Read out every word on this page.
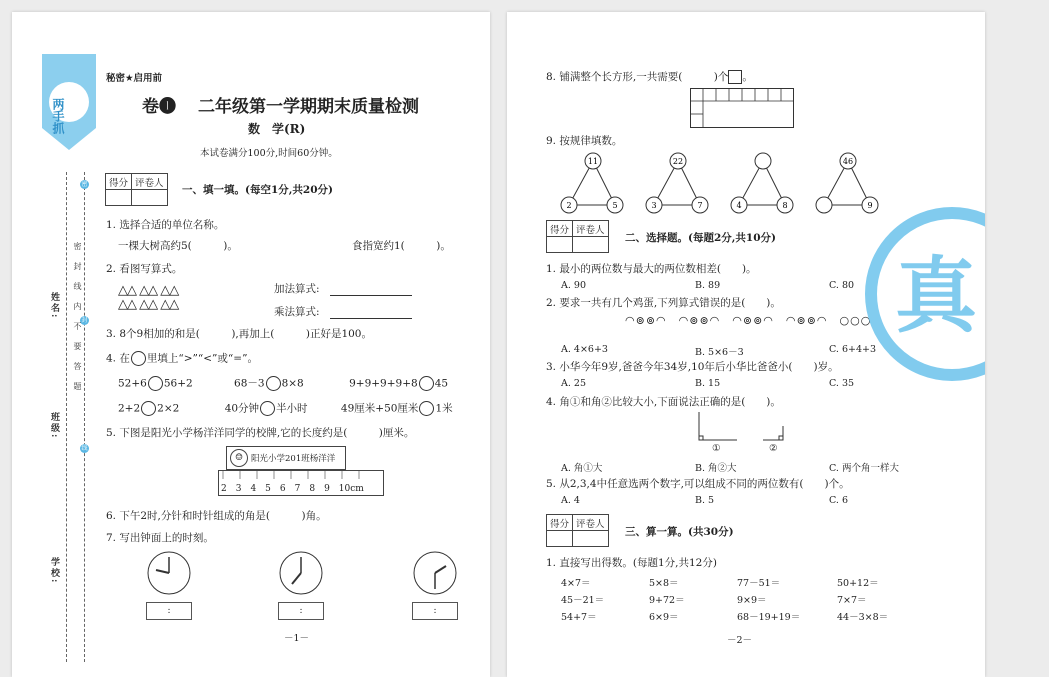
两手抓
密
封
线
密　封　线　内　不　要　答　题
姓名:
班级:
学校:
秘密★启用前
卷❶ 二年级第一学期期末质量检测
数　学(R)
本试卷满分100分,时间60分钟。
得分	评卷人

一、填一填。(每空1分,共20分)
1. 选择合适的单位名称。
一棵大树高约5(　　　)。	食指宽约1(　　　)。
2. 看图写算式。
△△ △△ △△
△△ △△ △△
加法算式:
乘法算式:
3. 8个9相加的和是(　　　),再加上(　　　)正好是100。
4. 在 里填上“>”“<”或“=”。
52+6 56+2	68－3 8×8	9+9+9+9+8 45
2+2 2×2	40分钟 半小时	49厘米+50厘米 1米
5. 下图是阳光小学杨洋洋同学的校牌,它的长度约是(　　　)厘米。
☺ 阳光小学201班杨洋洋
2　3　4　5　6　7　8　9　10cm
6. 下午2时,分针和时针组成的角是(　　　)角。
7. 写出钟面上的时刻。
:	:	:
－1－
8. 铺满整个长方形,一共需要(　　　)个 。
9. 按规律填数。
11
2	5
22
3	7	4	8
46
9
得分	评卷人

二、选择题。(每题2分,共10分)
1. 最小的两位数与最大的两位数相差(　　)。
A. 90	B. 89	C. 80
2. 要求一共有几个鸡蛋,下列算式错误的是(　　)。
◠⊚⊚◠　◠⊚⊚◠　◠⊚⊚◠　◠⊚⊚◠　○○○
A. 4×6+3	B. 5×6－3	C. 6+4+3
3. 小华今年9岁,爸爸今年34岁,10年后小华比爸爸小(　　)岁。
A. 25	B. 15	C. 35
4. 角①和角②比较大小,下面说法正确的是(　　)。
①	②
A. 角①大	B. 角②大	C. 两个角一样大
5. 从2,3,4中任意选两个数字,可以组成不同的两位数有(　　)个。
A. 4	B. 5	C. 6
得分	评卷人

三、算一算。(共30分)
1. 直接写出得数。(每题1分,共12分)
4×7＝	5×8＝	77－51＝	50+12＝
45－21＝	9+72＝	9×9＝	7×7＝
54+7＝	6×9＝	68－19+19＝	44－3×8＝
真
－2－
